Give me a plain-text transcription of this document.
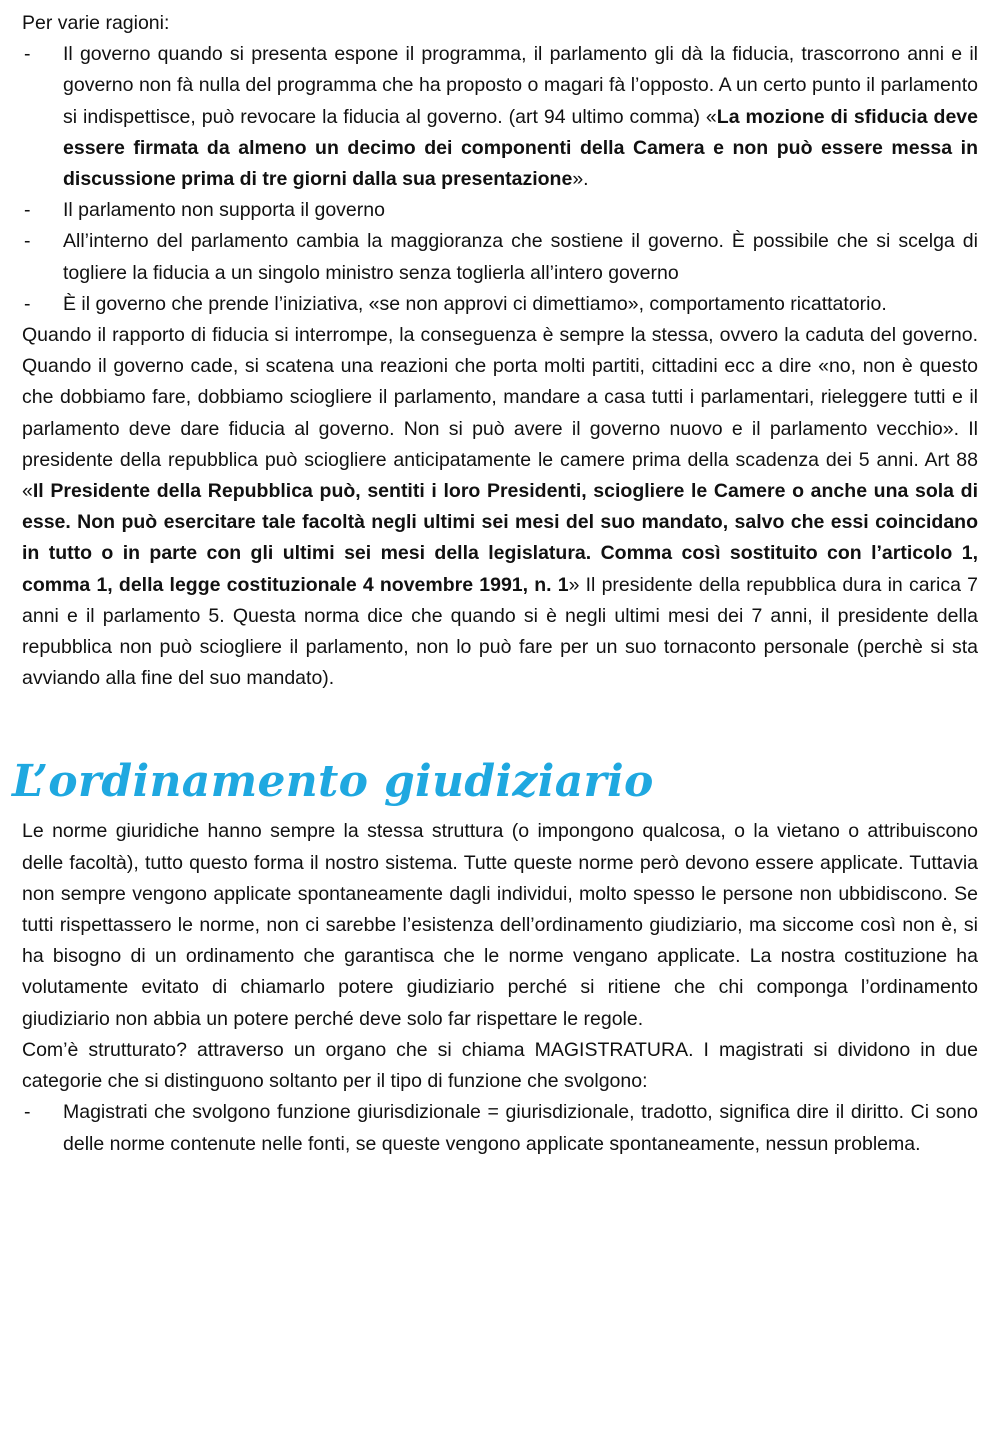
Per varie ragioni:

- Il governo quando si presenta espone il programma, il parlamento gli dà la fiducia, trascorrono anni e il governo non fà nulla del programma che ha proposto o magari fà l’opposto. A un certo punto il parlamento si indispettisce, può revocare la fiducia al governo. (art 94 ultimo comma) «La mozione di sfiducia deve essere firmata da almeno un decimo dei componenti della Camera e non può essere messa in discussione prima di tre giorni dalla sua presentazione».
- Il parlamento non supporta il governo
- All’interno del parlamento cambia la maggioranza che sostiene il governo. È possibile che si scelga di togliere la fiducia a un singolo ministro senza toglierla all’intero governo
- È il governo che prende l’iniziativa, «se non approvi ci dimettiamo», comportamento ricattatorio.

Quando il rapporto di fiducia si interrompe, la conseguenza è sempre la stessa, ovvero la caduta del governo. Quando il governo cade, si scatena una reazioni che porta molti partiti, cittadini ecc a dire «no, non è questo che dobbiamo fare, dobbiamo sciogliere il parlamento, mandare a casa tutti i parlamentari, rieleggere tutti e il parlamento deve dare fiducia al governo. Non si può avere il governo nuovo e il parlamento vecchio». Il presidente della repubblica può sciogliere anticipatamente le camere prima della scadenza dei 5 anni. Art 88 «Il Presidente della Repubblica può, sentiti i loro Presidenti, sciogliere le Camere o anche una sola di esse. Non può esercitare tale facoltà negli ultimi sei mesi del suo mandato, salvo che essi coincidano in tutto o in parte con gli ultimi sei mesi della legislatura. Comma così sostituito con l’articolo 1, comma 1, della legge costituzionale 4 novembre 1991, n. 1» Il presidente della repubblica dura in carica 7 anni e il parlamento 5. Questa norma dice che quando si è negli ultimi mesi dei 7 anni, il presidente della repubblica non può sciogliere il parlamento, non lo può fare per un suo tornaconto personale (perchè si sta avviando alla fine del suo mandato).

L’ordinamento giudiziario

Le norme giuridiche hanno sempre la stessa struttura (o impongono qualcosa, o la vietano o attribuiscono delle facoltà), tutto questo forma il nostro sistema. Tutte queste norme però devono essere applicate. Tuttavia non sempre vengono applicate spontaneamente dagli individui, molto spesso le persone non ubbidiscono. Se tutti rispettassero le norme, non ci sarebbe l’esistenza dell’ordinamento giudiziario, ma siccome così non è, si ha bisogno di un ordinamento che garantisca che le norme vengano applicate. La nostra costituzione ha volutamente evitato di chiamarlo potere giudiziario perché si ritiene che chi componga l’ordinamento giudiziario non abbia un potere perché deve solo far rispettare le regole.

Com’è strutturato? attraverso un organo che si chiama MAGISTRATURA. I magistrati si dividono in due categorie che si distinguono soltanto per il tipo di funzione che svolgono:

- Magistrati che svolgono funzione giurisdizionale = giurisdizionale, tradotto, significa dire il diritto. Ci sono delle norme contenute nelle fonti, se queste vengono applicate spontaneamente, nessun problema.
